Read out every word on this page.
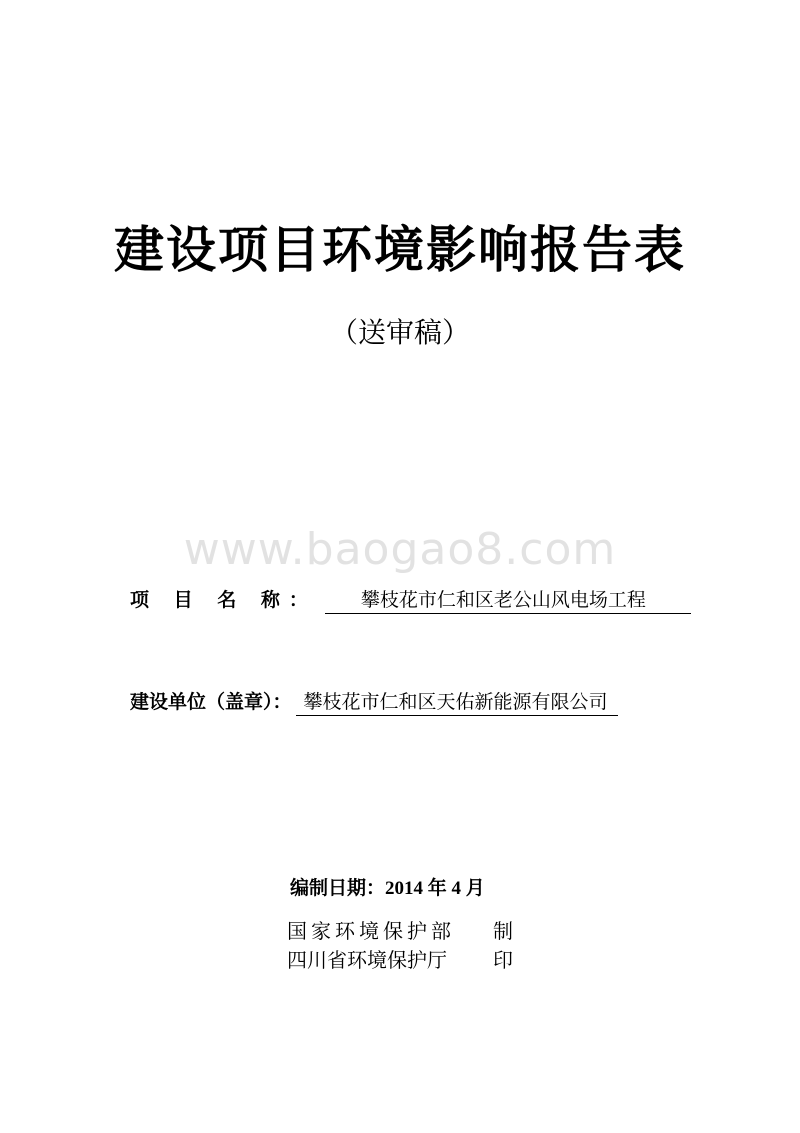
建设项目环境影响报告表
（送审稿）
www.baogao8.com
项 目 名 称： 攀枝花市仁和区老公山风电场工程
建设单位（盖章）： 攀枝花市仁和区天佑新能源有限公司
编制日期：2014 年 4 月
国家环境保护部 制
四川省环境保护厅 印
